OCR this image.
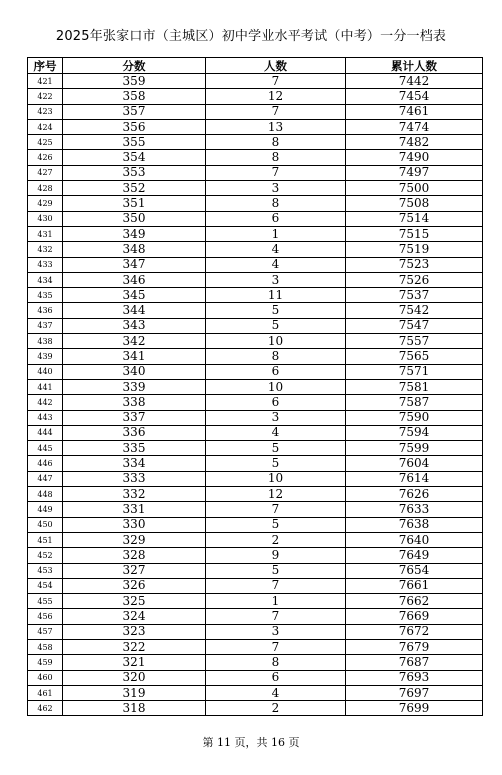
2025年张家口市（主城区）初中学业水平考试（中考）一分一档表
序号	分数	人数	累计人数
421	359	7	7442
422	358	12	7454
423	357	7	7461
424	356	13	7474
425	355	8	7482
426	354	8	7490
427	353	7	7497
428	352	3	7500
429	351	8	7508
430	350	6	7514
431	349	1	7515
432	348	4	7519
433	347	4	7523
434	346	3	7526
435	345	11	7537
436	344	5	7542
437	343	5	7547
438	342	10	7557
439	341	8	7565
440	340	6	7571
441	339	10	7581
442	338	6	7587
443	337	3	7590
444	336	4	7594
445	335	5	7599
446	334	5	7604
447	333	10	7614
448	332	12	7626
449	331	7	7633
450	330	5	7638
451	329	2	7640
452	328	9	7649
453	327	5	7654
454	326	7	7661
455	325	1	7662
456	324	7	7669
457	323	3	7672
458	322	7	7679
459	321	8	7687
460	320	6	7693
461	319	4	7697
462	318	2	7699
第 11 页，共 16 页
